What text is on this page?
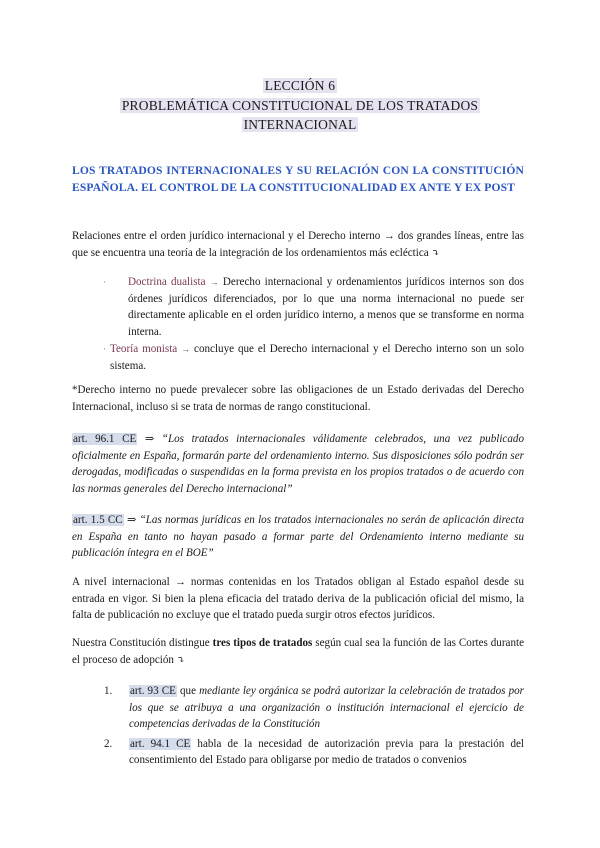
LECCIÓN 6
PROBLEMÁTICA CONSTITUCIONAL DE LOS TRATADOS
INTERNACIONAL
LOS TRATADOS INTERNACIONALES Y SU RELACIÓN CON LA CONSTITUCIÓN ESPAÑOLA. EL CONTROL DE LA CONSTITUCIONALIDAD EX ANTE Y EX POST
Relaciones entre el orden jurídico internacional y el Derecho interno → dos grandes líneas, entre las que se encuentra una teoría de la integración de los ordenamientos más ecléctica ⤵
· Doctrina dualista → Derecho internacional y ordenamientos jurídicos internos son dos órdenes jurídicos diferenciados, por lo que una norma internacional no puede ser directamente aplicable en el orden jurídico interno, a menos que se transforme en norma interna.
· Teoría monista → concluye que el Derecho internacional y el Derecho interno son un solo sistema.
*Derecho interno no puede prevalecer sobre las obligaciones de un Estado derivadas del Derecho Internacional, incluso si se trata de normas de rango constitucional.
art. 96.1 CE ⇒ “Los tratados internacionales válidamente celebrados, una vez publicado oficialmente en España, formarán parte del ordenamiento interno. Sus disposiciones sólo podrán ser derogadas, modificadas o suspendidas en la forma prevista en los propios tratados o de acuerdo con las normas generales del Derecho internacional”
art. 1.5 CC ⇒ “Las normas jurídicas en los tratados internacionales no serán de aplicación directa en España en tanto no hayan pasado a formar parte del Ordenamiento interno mediante su publicación íntegra en el BOE”
A nivel internacional → normas contenidas en los Tratados obligan al Estado español desde su entrada en vigor. Si bien la plena eficacia del tratado deriva de la publicación oficial del mismo, la falta de publicación no excluye que el tratado pueda surgir otros efectos jurídicos.
Nuestra Constitución distingue tres tipos de tratados según cual sea la función de las Cortes durante el proceso de adopción ⤵
1. art. 93 CE que mediante ley orgánica se podrá autorizar la celebración de tratados por los que se atribuya a una organización o institución internacional el ejercicio de competencias derivadas de la Constitución
2. art. 94.1 CE habla de la necesidad de autorización previa para la prestación del consentimiento del Estado para obligarse por medio de tratados o convenios
